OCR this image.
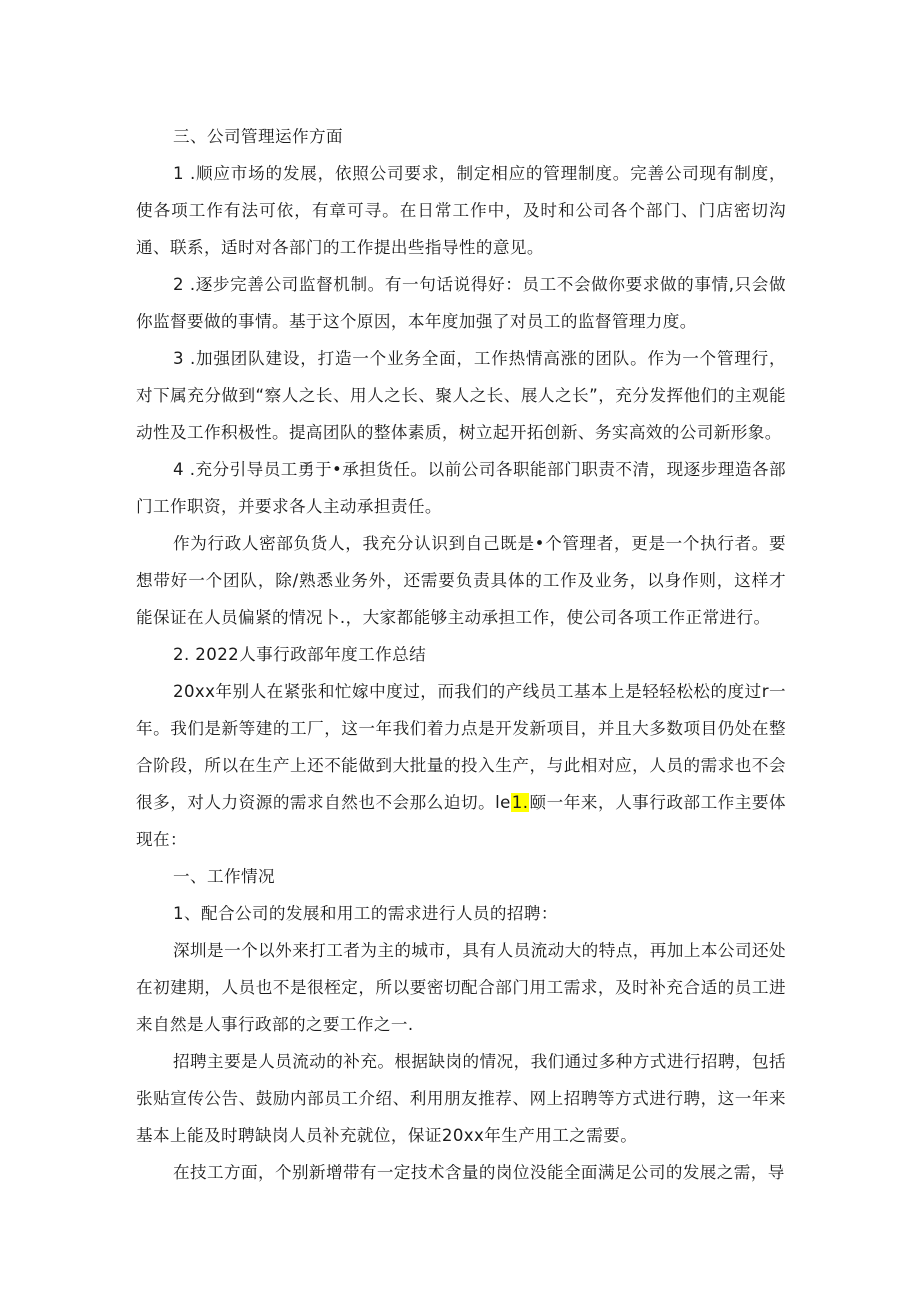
三、公司管理运作方面

1 .顺应市场的发展，依照公司要求，制定相应的管理制度。完善公司现有制度，使各项工作有法可依，有章可寻。在日常工作中，及时和公司各个部门、门店密切沟通、联系，适时对各部门的工作提出些指导性的意见。

2 .逐步完善公司监督机制。有一句话说得好：员工不会做你要求做的事情,只会做你监督要做的事情。基于这个原因，本年度加强了对员工的监督管理力度。

3 .加强团队建设，打造一个业务全面，工作热情高涨的团队。作为一个管理行，对下属充分做到“察人之长、用人之长、聚人之长、展人之长”，充分发挥他们的主观能动性及工作积极性。提高团队的整体素质，树立起开拓创新、务实高效的公司新形象。

4 .充分引导员工勇于•承担货任。以前公司各职能部门职责不清，现逐步理造各部门工作职资，并要求各人主动承担责任。

作为行政人密部负货人，我充分认识到自己既是•个管理者，更是一个执行者。要想带好一个团队，除/熟悉业务外，还需要负责具体的工作及业务，以身作则，这样才能保证在人员偏紧的情况卜.，大家都能够主动承担工作，使公司各项工作正常进行。

2. 2022人事行政部年度工作总结

20xx年别人在紧张和忙嫁中度过，而我们的产线员工基本上是轻轻松松的度过r一年。我们是新等建的工厂，这一年我们着力点是开发新项目，并且大多数项目仍处在整合阶段，所以在生产上还不能做到大批量的投入生产，与此相对应，人员的需求也不会很多，对人力资源的需求自然也不会那么迫切。le1.颐一年来，人事行政部工作主要体现在：

一、工作情况

1、配合公司的发展和用工的需求进行人员的招聘：

深圳是一个以外来打工者为主的城市，具有人员流动大的特点，再加上本公司还处在初建期，人员也不是很桎定，所以要密切配合部门用工需求，及时补充合适的员工进来自然是人事行政部的之要工作之一.

招聘主要是人员流动的补充。根据缺岗的情况，我们通过多种方式进行招聘，包括张贴宣传公告、鼓励内部员工介绍、利用朋友推荐、网上招聘等方式进行聘，这一年来基本上能及时聘缺岗人员补充就位，保证20xx年生产用工之需要。

在技工方面，个别新增带有一定技术含量的岗位没能全面满足公司的发展之需，导
